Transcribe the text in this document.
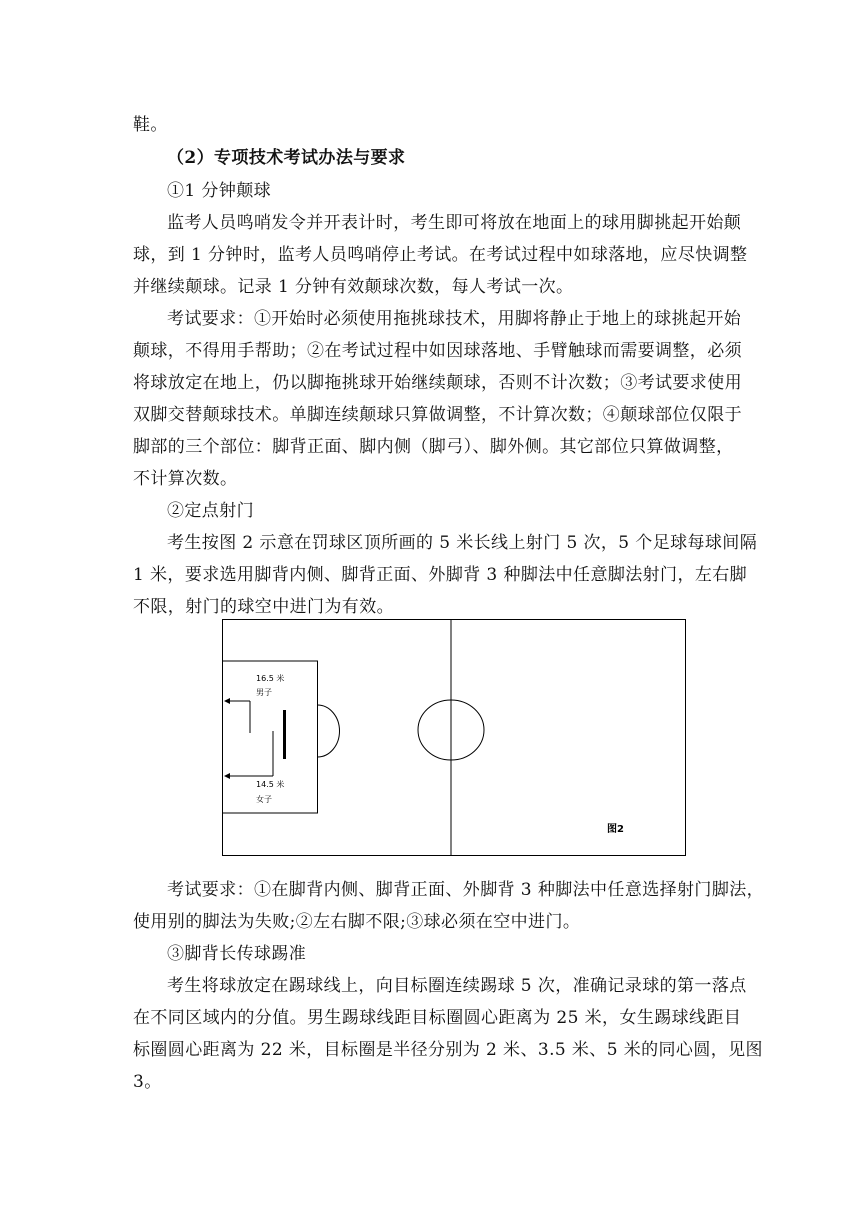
鞋。
（2）专项技术考试办法与要求
①1 分钟颠球
监考人员鸣哨发令并开表计时，考生即可将放在地面上的球用脚挑起开始颠
球，到 1 分钟时，监考人员鸣哨停止考试。在考试过程中如球落地，应尽快调整
并继续颠球。记录 1 分钟有效颠球次数，每人考试一次。
考试要求：①开始时必须使用拖挑球技术，用脚将静止于地上的球挑起开始
颠球，不得用手帮助；②在考试过程中如因球落地、手臂触球而需要调整，必须
将球放定在地上，仍以脚拖挑球开始继续颠球，否则不计次数；③考试要求使用
双脚交替颠球技术。单脚连续颠球只算做调整，不计算次数；④颠球部位仅限于
脚部的三个部位：脚背正面、脚内侧（脚弓）、脚外侧。其它部位只算做调整，
不计算次数。
②定点射门
考生按图 2 示意在罚球区顶所画的 5 米长线上射门 5 次，5 个足球每球间隔
1 米，要求选用脚背内侧、脚背正面、外脚背 3 种脚法中任意脚法射门，左右脚
不限，射门的球空中进门为有效。
16.5 米
男子
14.5 米
女子
图2
考试要求：①在脚背内侧、脚背正面、外脚背 3 种脚法中任意选择射门脚法，
使用别的脚法为失败;②左右脚不限;③球必须在空中进门。
③脚背长传球踢准
考生将球放定在踢球线上，向目标圈连续踢球 5 次，准确记录球的第一落点
在不同区域内的分值。男生踢球线距目标圈圆心距离为 25 米，女生踢球线距目
标圈圆心距离为 22 米，目标圈是半径分别为 2 米、3.5 米、5 米的同心圆，见图
3。
